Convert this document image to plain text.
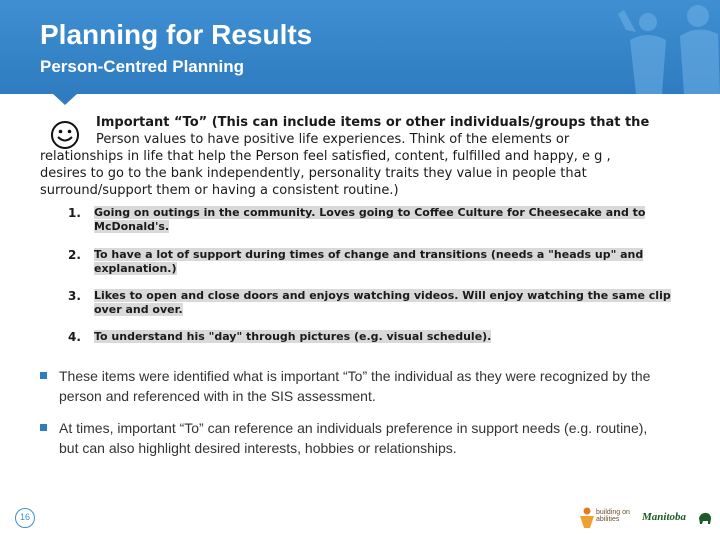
Planning for Results
Person-Centred Planning
Important “To” (This can include items or other individuals/groups that the
Person values to have positive life experiences. Think of the elements or
relationships in life that help the Person feel satisfied, content, fulfilled and happy, e g ,
desires to go to the bank independently, personality traits they value in people that
surround/support them or having a consistent routine.)
1. Going on outings in the community. Loves going to Coffee Culture for Cheesecake and to McDonald's.
2. To have a lot of support during times of change and transitions (needs a "heads up" and explanation.)
3. Likes to open and close doors and enjoys watching videos. Will enjoy watching the same clip over and over.
4. To understand his "day" through pictures (e.g. visual schedule).
These items were identified what is important “To” the individual as they were recognized by the person and referenced with in the SIS assessment.
At times, important “To” can reference an individuals preference in support needs (e.g. routine), but can also highlight desired interests, hobbies or relationships.
16	building on abilities	Manitoba
